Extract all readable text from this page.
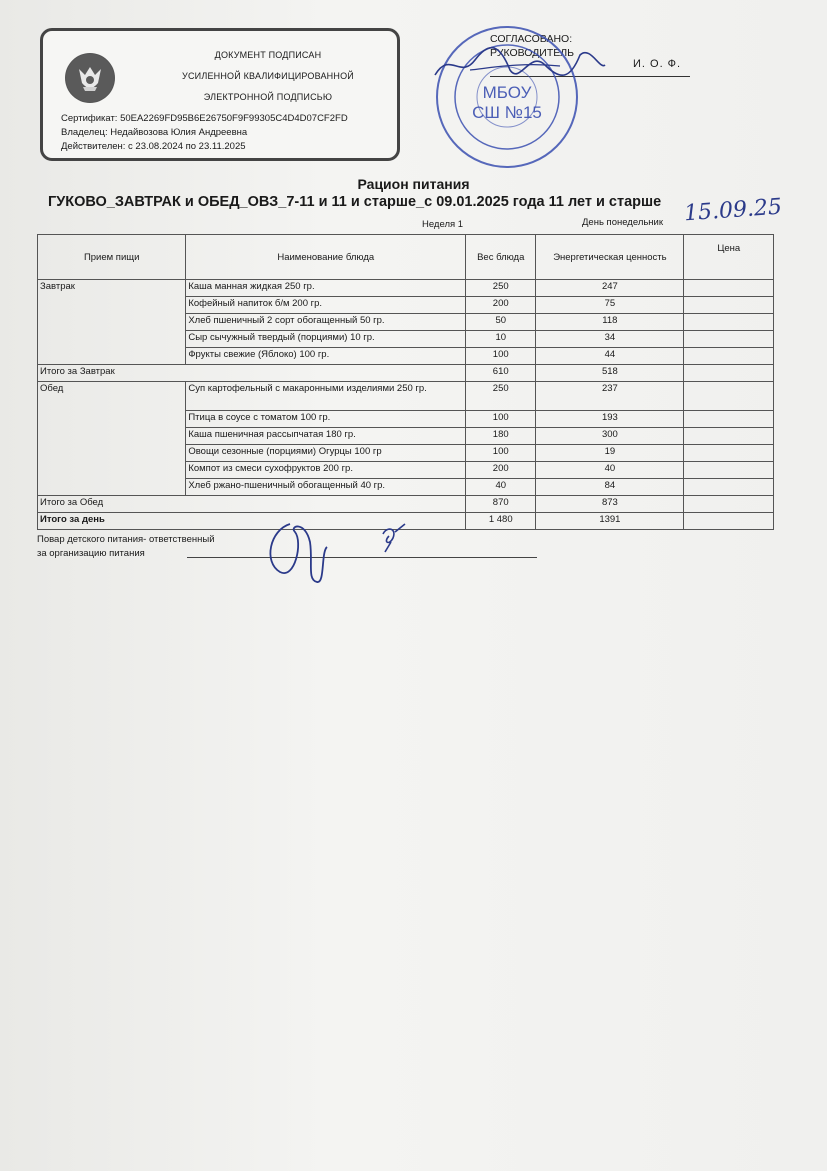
ДОКУМЕНТ ПОДПИСАН
УСИЛЕННОЙ КВАЛИФИЦИРОВАННОЙ
ЭЛЕКТРОННОЙ ПОДПИСЬЮ
Сертификат: 50EA2269FD95B6E26750F9F99305C4D4D07CF2FD
Владелец: Недайвозова Юлия Андреевна
Действителен: с 23.08.2024 по 23.11.2025
СОГЛАСОВАНО:
РУКОВОДИТЕЛЬ
И. О. Ф.
МБОУ
СШ №15
Рацион питания
ГУКОВО_ЗАВТРАК и ОБЕД_ОВЗ_7-11 и 11 и старше_с 09.01.2025 года 11 лет и старше
Неделя 1	День понедельник 15.09.25
Прием пищи	Наименование блюда	Вес блюда	Энергетическая ценность	Цена
Завтрак	Каша манная жидкая 250 гр.	250	247	
	Кофейный напиток б/м 200 гр.	200	75	
	Хлеб пшеничный 2 сорт обогащенный 50 гр.	50	118	
	Сыр сычужный твердый (порциями) 10 гр.	10	34	
	Фрукты свежие (Яблоко) 100 гр.	100	44	
Итого за Завтрак		610	518	
Обед	Суп картофельный с макаронными изделиями 250 гр.	250	237	
	Птица в соусе с томатом 100 гр.	100	193	
	Каша пшеничная рассыпчатая 180 гр.	180	300	
	Овощи сезонные (порциями) Огурцы 100 гр	100	19	
	Компот из смеси сухофруктов 200 гр.	200	40	
	Хлеб ржано-пшеничный обогащенный 40 гр.	40	84	
Итого за Обед		870	873	
Итого за день		1 480	1391	
Повар детского питания- ответственный
за организацию питания
